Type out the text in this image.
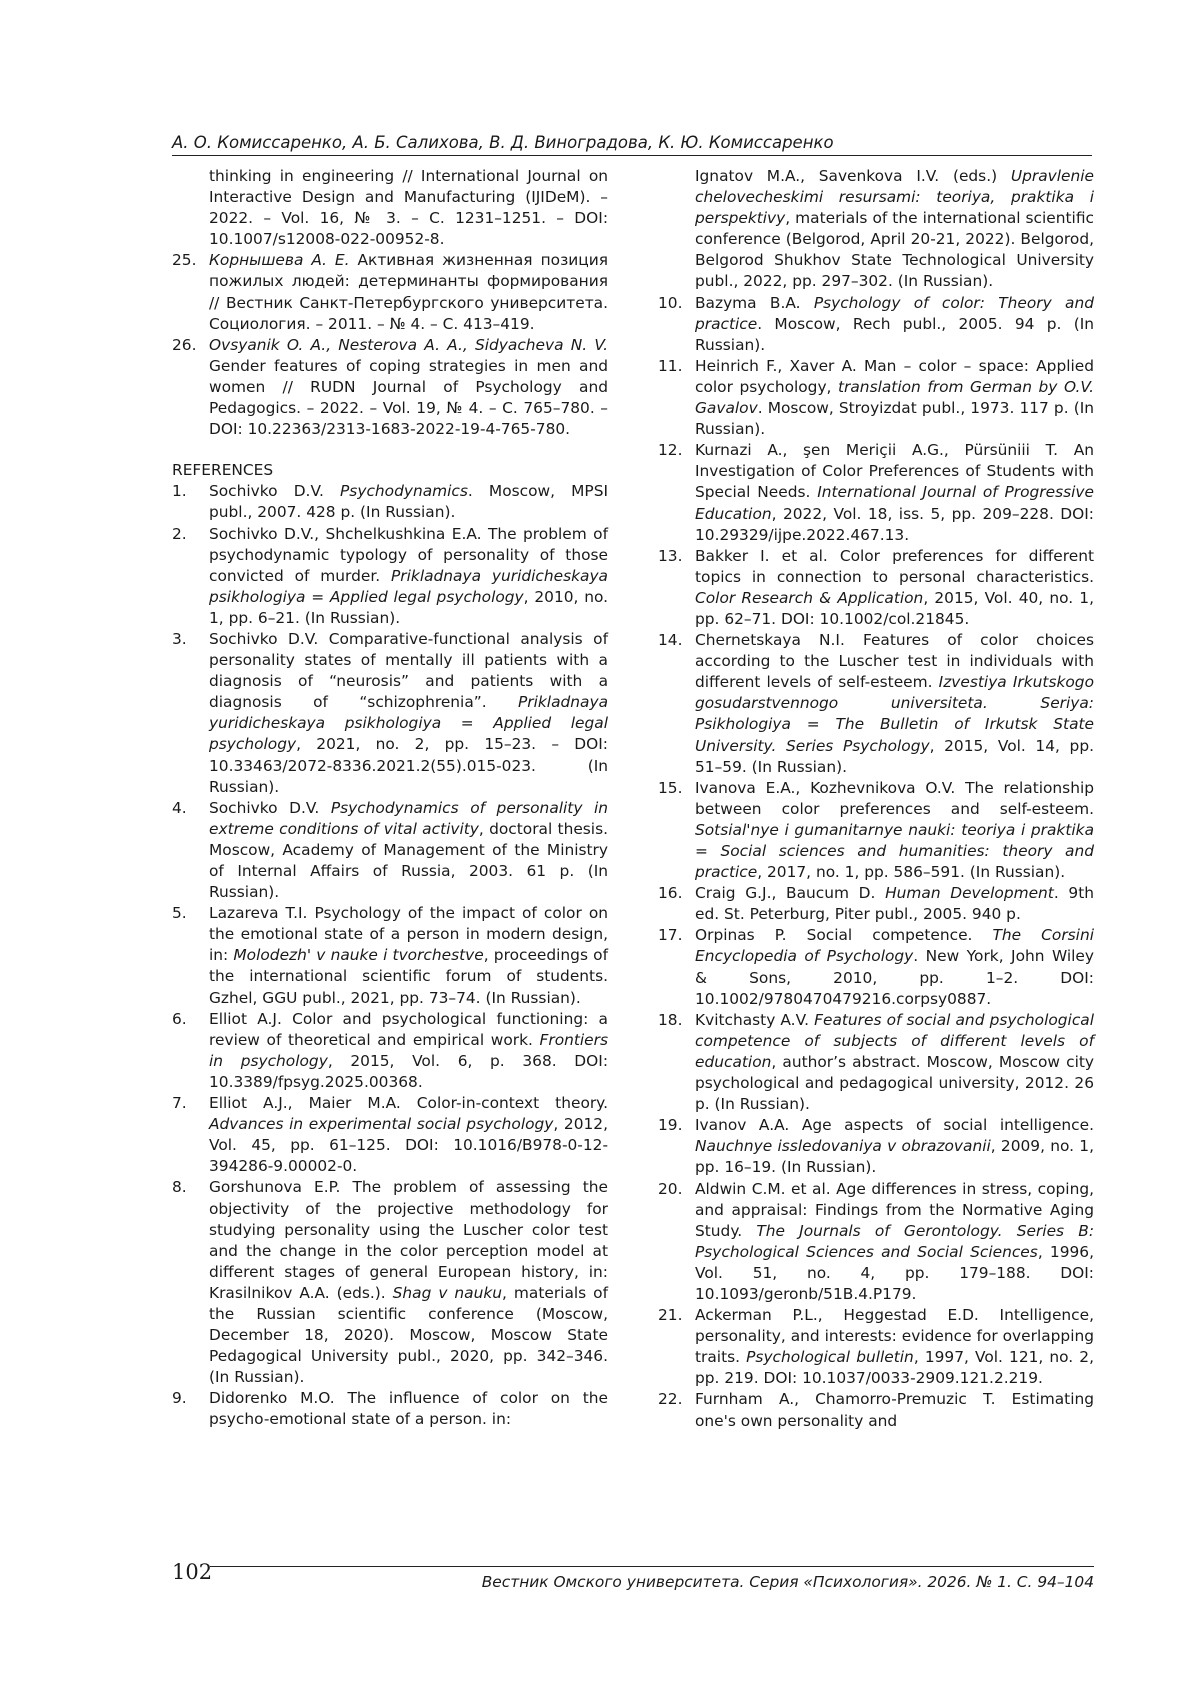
А. О. Комиссаренко, А. Б. Салихова, В. Д. Виноградова, К. Ю. Комиссаренко

thinking in engineering // International Journal on Interactive Design and Manufacturing (IJIDeM). – 2022. – Vol. 16, № 3. – С. 1231–1251. – DOI: 10.1007/s12008-022-00952-8.

25. Корнышева А. Е. Активная жизненная позиция пожилых людей: детерминанты формирования // Вестник Санкт-Петербургского университета. Социология. – 2011. – № 4. – С. 413–419.

26. Ovsyanik O. A., Nesterova A. A., Sidyacheva N. V. Gender features of coping strategies in men and women // RUDN Journal of Psychology and Pedagogics. – 2022. – Vol. 19, № 4. – С. 765–780. – DOI: 10.22363/2313-1683-2022-19-4-765-780.

REFERENCES

1. Sochivko D.V. Psychodynamics. Moscow, MPSI publ., 2007. 428 p. (In Russian).

2. Sochivko D.V., Shchelkushkina E.A. The problem of psychodynamic typology of personality of those convicted of murder. Prikladnaya yuridicheskaya psikhologiya = Applied legal psychology, 2010, no. 1, pp. 6–21. (In Russian).

3. Sochivko D.V. Comparative-functional analysis of personality states of mentally ill patients with a diagnosis of “neurosis” and patients with a diagnosis of “schizophrenia”. Prikladnaya yuridicheskaya psikhologiya = Applied legal psychology, 2021, no. 2, pp. 15–23. – DOI: 10.33463/2072-8336.2021.2(55).015-023. (In Russian).

4. Sochivko D.V. Psychodynamics of personality in extreme conditions of vital activity, doctoral thesis. Moscow, Academy of Management of the Ministry of Internal Affairs of Russia, 2003. 61 p. (In Russian).

5. Lazareva T.I. Psychology of the impact of color on the emotional state of a person in modern design, in: Molodezh' v nauke i tvorchestve, proceedings of the international scientific forum of students. Gzhel, GGU publ., 2021, pp. 73–74. (In Russian).

6. Elliot A.J. Color and psychological functioning: a review of theoretical and empirical work. Frontiers in psychology, 2015, Vol. 6, p. 368. DOI: 10.3389/fpsyg.2025.00368.

7. Elliot A.J., Maier M.A. Color-in-context theory. Advances in experimental social psychology, 2012, Vol. 45, pp. 61–125. DOI: 10.1016/B978-0-12-394286-9.00002-0.

8. Gorshunova E.P. The problem of assessing the objectivity of the projective methodology for studying personality using the Luscher color test and the change in the color perception model at different stages of general European history, in: Krasilnikov A.A. (eds.). Shag v nauku, materials of the Russian scientific conference (Moscow, December 18, 2020). Moscow, Moscow State Pedagogical University publ., 2020, pp. 342–346. (In Russian).

9. Didorenko M.O. The influence of color on the psycho-emotional state of a person. in:

Ignatov M.A., Savenkova I.V. (eds.) Upravlenie chelovecheskimi resursami: teoriya, praktika i perspektivy, materials of the international scientific conference (Belgorod, April 20-21, 2022). Belgorod, Belgorod Shukhov State Technological University publ., 2022, pp. 297–302. (In Russian).

10. Bazyma B.A. Psychology of color: Theory and practice. Moscow, Rech publ., 2005. 94 p. (In Russian).

11. Heinrich F., Xaver A. Man – color – space: Applied color psychology, translation from German by O.V. Gavalov. Moscow, Stroyizdat publ., 1973. 117 p. (In Russian).

12. Kurnazi A., şen Meriçii A.G., Pürsüniii T. An Investigation of Color Preferences of Students with Special Needs. International Journal of Progressive Education, 2022, Vol. 18, iss. 5, pp. 209–228. DOI: 10.29329/ijpe.2022.467.13.

13. Bakker I. et al. Color preferences for different topics in connection to personal characteristics. Color Research & Application, 2015, Vol. 40, no. 1, pp. 62–71. DOI: 10.1002/col.21845.

14. Chernetskaya N.I. Features of color choices according to the Luscher test in individuals with different levels of self-esteem. Izvestiya Irkutskogo gosudarstvennogo universiteta. Seriya: Psikhologiya = The Bulletin of Irkutsk State University. Series Psychology, 2015, Vol. 14, pp. 51–59. (In Russian).

15. Ivanova E.A., Kozhevnikova O.V. The relationship between color preferences and self-esteem. Sotsial'nye i gumanitarnye nauki: teoriya i praktika = Social sciences and humanities: theory and practice, 2017, no. 1, pp. 586–591. (In Russian).

16. Craig G.J., Baucum D. Human Development. 9th ed. St. Peterburg, Piter publ., 2005. 940 p.

17. Orpinas P. Social competence. The Corsini Encyclopedia of Psychology. New York, John Wiley & Sons, 2010, pp. 1–2. DOI: 10.1002/9780470479216.corpsy0887.

18. Kvitchasty A.V. Features of social and psychological competence of subjects of different levels of education, author’s abstract. Moscow, Moscow city psychological and pedagogical university, 2012. 26 p. (In Russian).

19. Ivanov A.A. Age aspects of social intelligence. Nauchnye issledovaniya v obrazovanii, 2009, no. 1, pp. 16–19. (In Russian).

20. Aldwin C.M. et al. Age differences in stress, coping, and appraisal: Findings from the Normative Aging Study. The Journals of Gerontology. Series B: Psychological Sciences and Social Sciences, 1996, Vol. 51, no. 4, pp. 179–188. DOI: 10.1093/geronb/51B.4.P179.

21. Ackerman P.L., Heggestad E.D. Intelligence, personality, and interests: evidence for overlapping traits. Psychological bulletin, 1997, Vol. 121, no. 2, pp. 219. DOI: 10.1037/0033-2909.121.2.219.

22. Furnham A., Chamorro-Premuzic T. Estimating one's own personality and

102	Вестник Омского университета. Серия «Психология». 2026. № 1. С. 94–104
